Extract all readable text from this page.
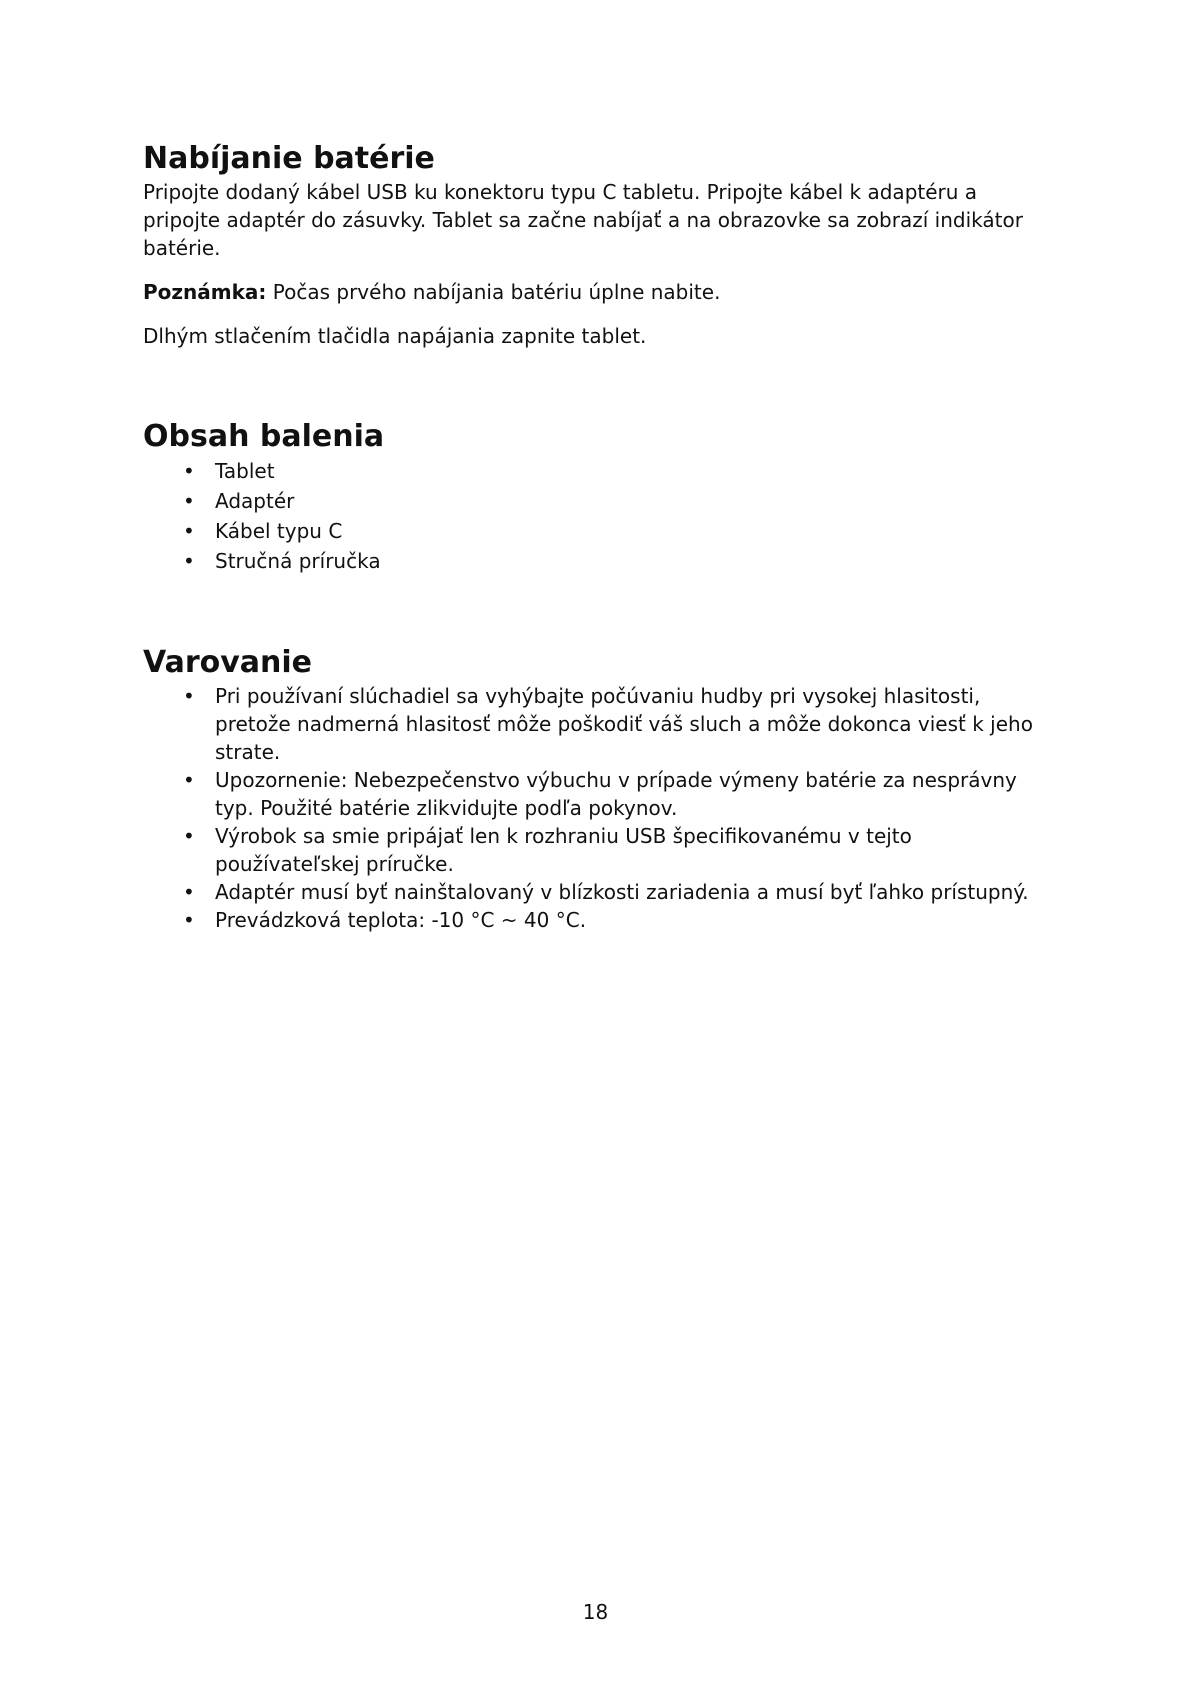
Nabíjanie batérie

Pripojte dodaný kábel USB ku konektoru typu C tabletu. Pripojte kábel k adaptéru a pripojte adaptér do zásuvky. Tablet sa začne nabíjať a na obrazovke sa zobrazí indikátor batérie.

Poznámka: Počas prvého nabíjania batériu úplne nabite.

Dlhým stlačením tlačidla napájania zapnite tablet.

Obsah balenia
•	Tablet
•	Adaptér
•	Kábel typu C
•	Stručná príručka
Varovanie
•	Pri používaní slúchadiel sa vyhýbajte počúvaniu hudby pri vysokej hlasitosti, pretože nadmerná hlasitosť môže poškodiť váš sluch a môže dokonca viesť k jeho strate.
•	Upozornenie: Nebezpečenstvo výbuchu v prípade výmeny batérie za nesprávny typ. Použité batérie zlikvidujte podľa pokynov.
•	Výrobok sa smie pripájať len k rozhraniu USB špecifikovanému v tejto používateľskej príručke.
•	Adaptér musí byť nainštalovaný v blízkosti zariadenia a musí byť ľahko prístupný.
•	Prevádzková teplota: -10 °C ~ 40 °C.
18
